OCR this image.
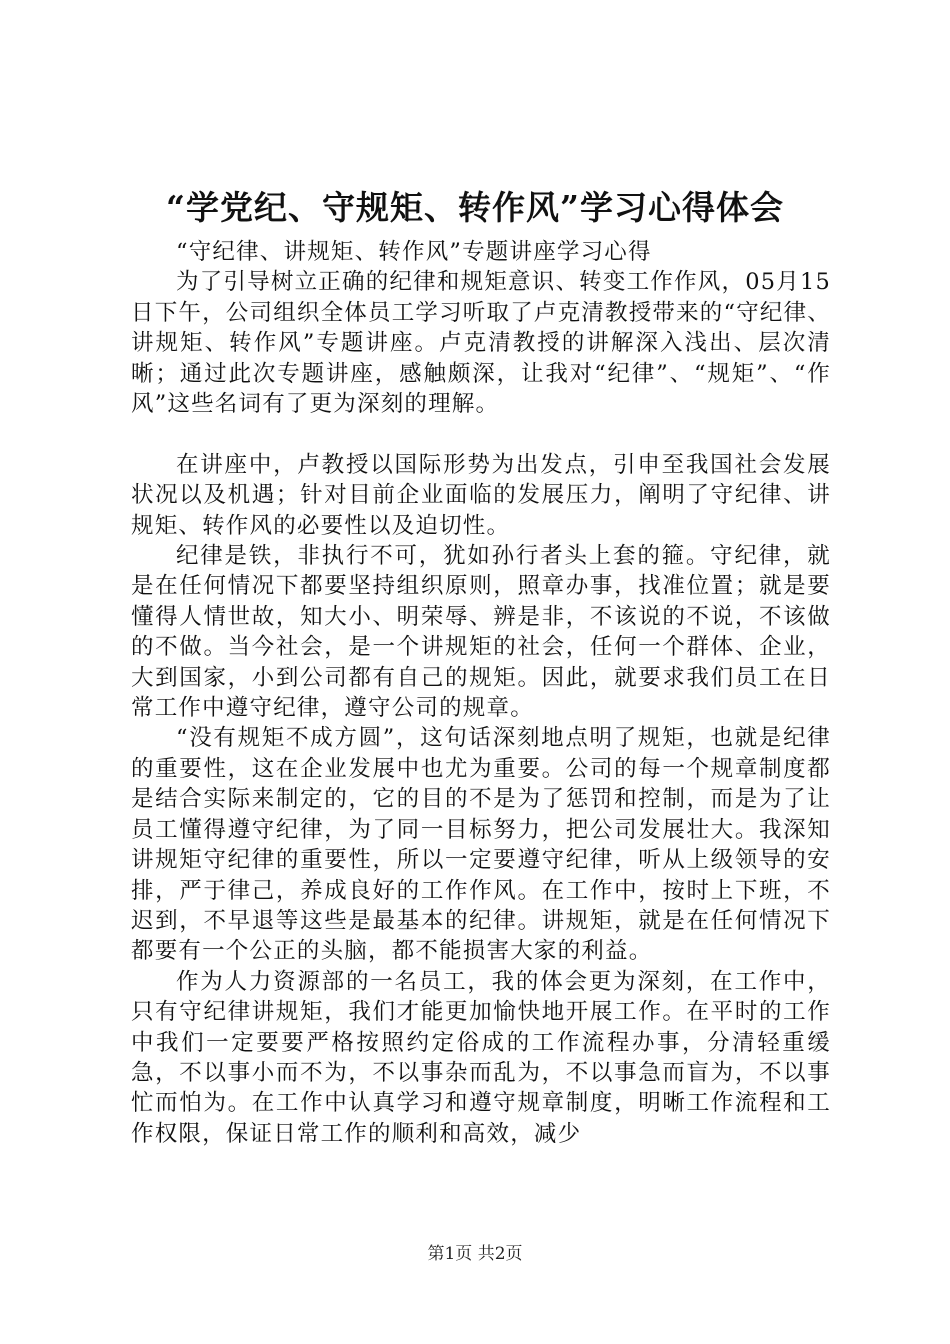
“学党纪、守规矩、转作风”学习心得体会

“守纪律、讲规矩、转作风”专题讲座学习心得

为了引导树立正确的纪律和规矩意识、转变工作作风，05月15日下午，公司组织全体员工学习听取了卢克清教授带来的“守纪律、讲规矩、转作风”专题讲座。卢克清教授的讲解深入浅出、层次清晰；通过此次专题讲座，感触颇深，让我对“纪律”、“规矩”、“作风”这些名词有了更为深刻的理解。

在讲座中，卢教授以国际形势为出发点，引申至我国社会发展状况以及机遇；针对目前企业面临的发展压力，阐明了守纪律、讲规矩、转作风的必要性以及迫切性。

纪律是铁，非执行不可，犹如孙行者头上套的箍。守纪律，就是在任何情况下都要坚持组织原则，照章办事，找准位置；就是要懂得人情世故，知大小、明荣辱、辨是非，不该说的不说，不该做的不做。当今社会，是一个讲规矩的社会，任何一个群体、企业，大到国家，小到公司都有自己的规矩。因此，就要求我们员工在日常工作中遵守纪律，遵守公司的规章。

“没有规矩不成方圆”，这句话深刻地点明了规矩，也就是纪律的重要性，这在企业发展中也尤为重要。公司的每一个规章制度都是结合实际来制定的，它的目的不是为了惩罚和控制，而是为了让员工懂得遵守纪律，为了同一目标努力，把公司发展壮大。我深知讲规矩守纪律的重要性，所以一定要遵守纪律，听从上级领导的安排，严于律己，养成良好的工作作风。在工作中，按时上下班，不迟到，不早退等这些是最基本的纪律。讲规矩，就是在任何情况下都要有一个公正的头脑，都不能损害大家的利益。

作为人力资源部的一名员工，我的体会更为深刻，在工作中，只有守纪律讲规矩，我们才能更加愉快地开展工作。在平时的工作中我们一定要要严格按照约定俗成的工作流程办事，分清轻重缓急，不以事小而不为，不以事杂而乱为，不以事急而盲为，不以事忙而怕为。在工作中认真学习和遵守规章制度，明晰工作流程和工作权限，保证日常工作的顺利和高效，减少

第1页 共2页
